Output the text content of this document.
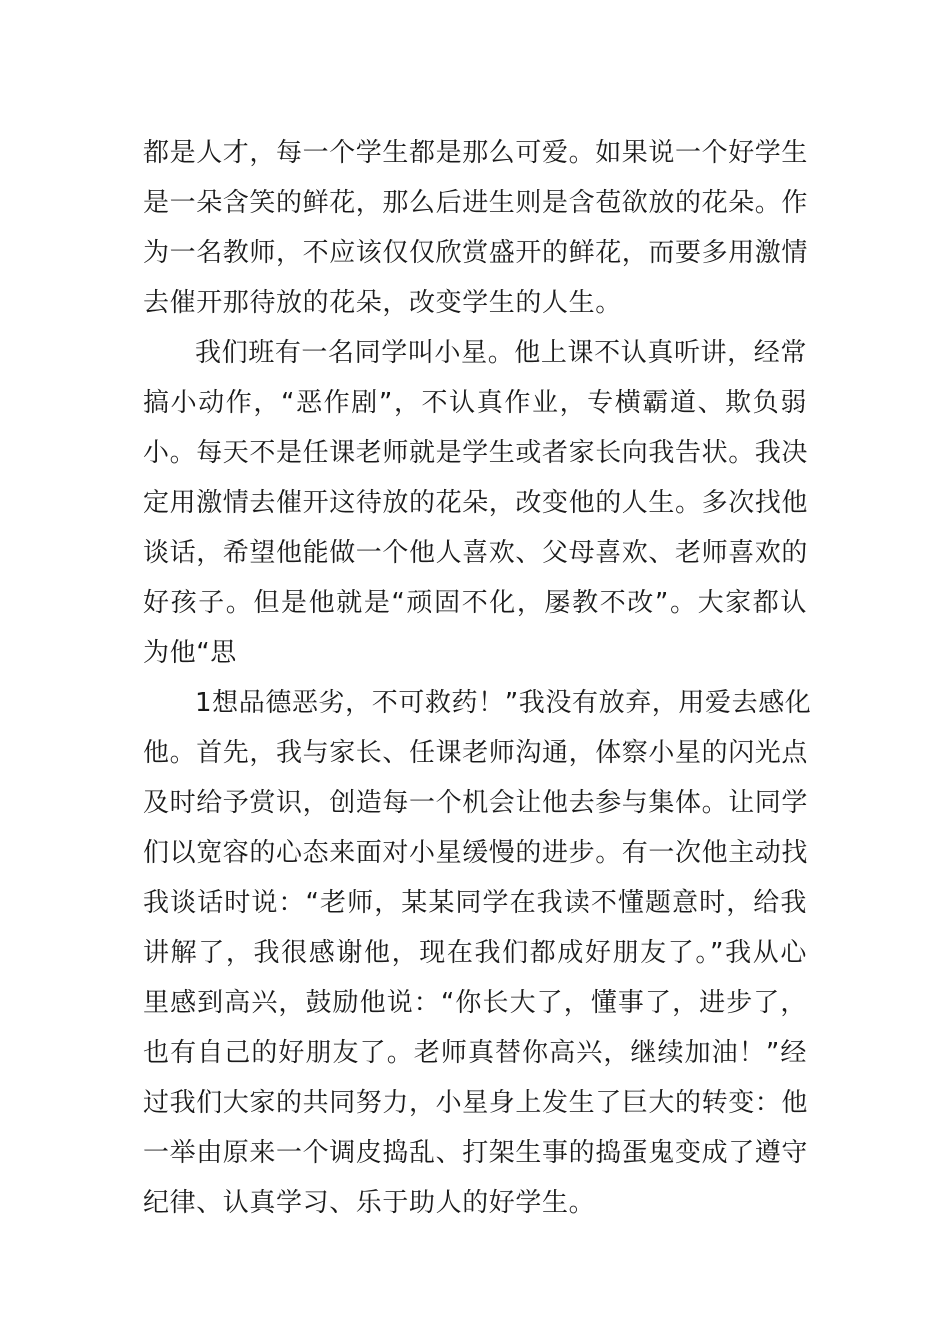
都是人才，每一个学生都是那么可爱。如果说一个好学生
是一朵含笑的鲜花，那么后进生则是含苞欲放的花朵。作
为一名教师，不应该仅仅欣赏盛开的鲜花，而要多用激情
去催开那待放的花朵，改变学生的人生。
我们班有一名同学叫小星。他上课不认真听讲，经常
搞小动作，“恶作剧”，不认真作业，专横霸道、欺负弱
小。每天不是任课老师就是学生或者家长向我告状。我决
定用激情去催开这待放的花朵，改变他的人生。多次找他
谈话，希望他能做一个他人喜欢、父母喜欢、老师喜欢的
好孩子。但是他就是“顽固不化，屡教不改”。大家都认
为他“思
1想品德恶劣，不可救药！”我没有放弃，用爱去感化
他。首先，我与家长、任课老师沟通，体察小星的闪光点
及时给予赏识，创造每一个机会让他去参与集体。让同学
们以宽容的心态来面对小星缓慢的进步。有一次他主动找
我谈话时说：“老师，某某同学在我读不懂题意时，给我
讲解了，我很感谢他，现在我们都成好朋友了。”我从心
里感到高兴，鼓励他说：“你长大了，懂事了，进步了，
也有自己的好朋友了。老师真替你高兴，继续加油！”经
过我们大家的共同努力，小星身上发生了巨大的转变：他
一举由原来一个调皮捣乱、打架生事的捣蛋鬼变成了遵守
纪律、认真学习、乐于助人的好学生。
